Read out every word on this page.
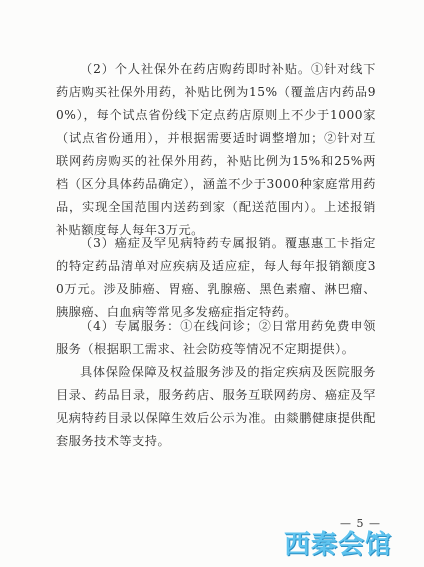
（2）个人社保外在药店购药即时补贴。①针对线下药店购买社保外用药，补贴比例为15%（覆盖店内药品90%），每个试点省份线下定点药店原则上不少于1000家（试点省份通用），并根据需要适时调整增加；②针对互联网药房购买的社保外用药，补贴比例为15%和25%两档（区分具体药品确定），涵盖不少于3000种家庭常用药品，实现全国范围内送药到家（配送范围内）。上述报销补贴额度每人每年3万元。

（3）癌症及罕见病特药专属报销。覆惠惠工卡指定的特定药品清单对应疾病及适应症，每人每年报销额度30万元。涉及肺癌、胃癌、乳腺癌、黑色素瘤、淋巴瘤、胰腺癌、白血病等常见多发癌症指定特药。

（4）专属服务：①在线问诊；②日常用药免费申领服务（根据职工需求、社会防疫等情况不定期提供）。

具体保险保障及权益服务涉及的指定疾病及医院服务目录、药品目录，服务药店、服务互联网药房、癌症及罕见病特药目录以保障生效后公示为准。由燚鹏健康提供配套服务技术等支持。

— 5 —
西秦会馆
